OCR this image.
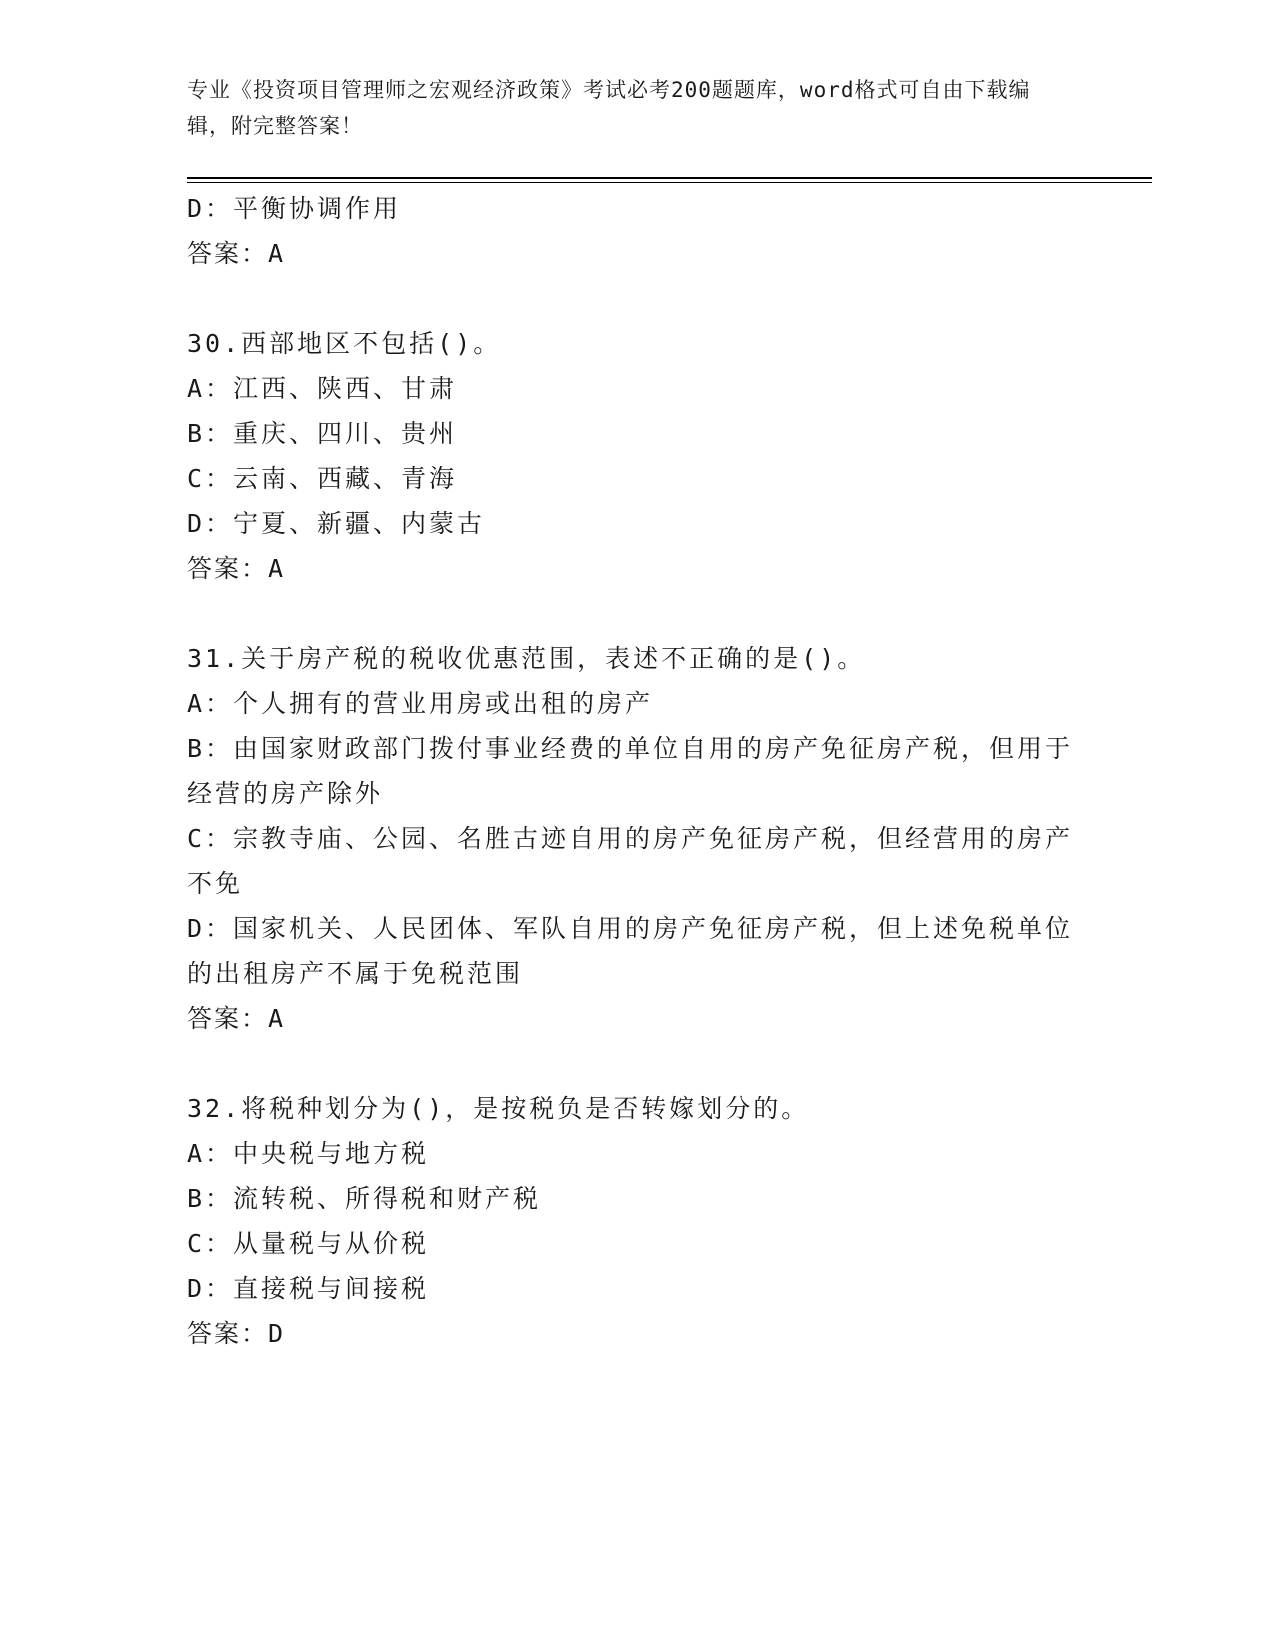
专业《投资项目管理师之宏观经济政策》考试必考200题题库，word格式可自由下载编辑，附完整答案！

D：平衡协调作用

答案：A

30.西部地区不包括()。

A：江西、陕西、甘肃

B：重庆、四川、贵州

C：云南、西藏、青海

D：宁夏、新疆、内蒙古

答案：A

31.关于房产税的税收优惠范围，表述不正确的是()。

A：个人拥有的营业用房或出租的房产

B：由国家财政部门拨付事业经费的单位自用的房产免征房产税，但用于经营的房产除外

C：宗教寺庙、公园、名胜古迹自用的房产免征房产税，但经营用的房产不免

D：国家机关、人民团体、军队自用的房产免征房产税，但上述免税单位的出租房产不属于免税范围

答案：A

32.将税种划分为()，是按税负是否转嫁划分的。

A：中央税与地方税

B：流转税、所得税和财产税

C：从量税与从价税

D：直接税与间接税

答案：D
